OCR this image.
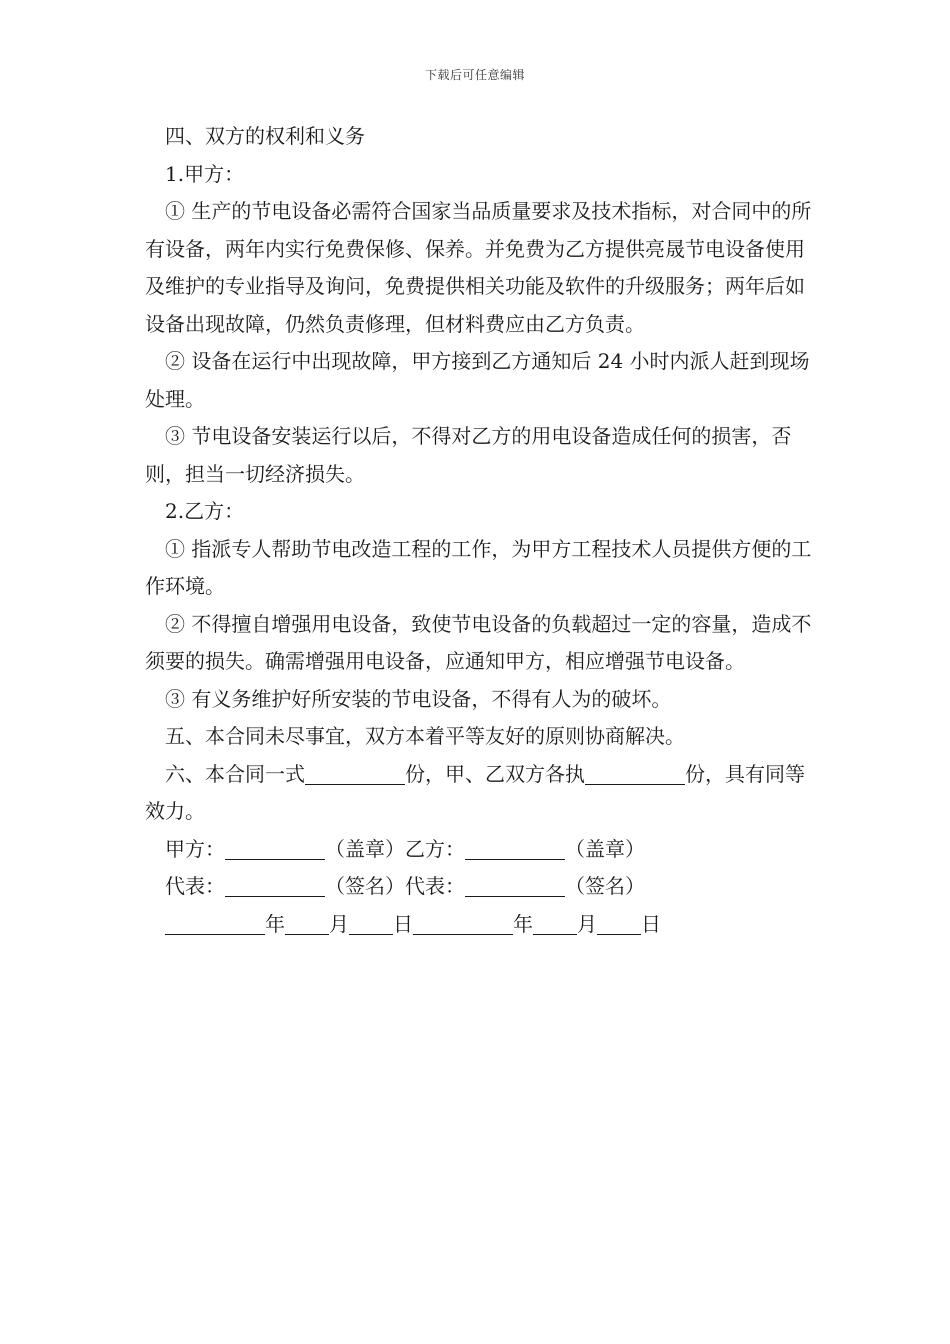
下载后可任意编辑

四、双方的权利和义务

1.甲方：

① 生产的节电设备必需符合国家当品质量要求及技术指标，对合同中的所有设备，两年内实行免费保修、保养。并免费为乙方提供亮晟节电设备使用及维护的专业指导及询问，免费提供相关功能及软件的升级服务；两年后如设备出现故障，仍然负责修理，但材料费应由乙方负责。

② 设备在运行中出现故障，甲方接到乙方通知后 24 小时内派人赶到现场处理。

③ 节电设备安装运行以后，不得对乙方的用电设备造成任何的损害，否则，担当一切经济损失。

2.乙方：

① 指派专人帮助节电改造工程的工作，为甲方工程技术人员提供方便的工作环境。

② 不得擅自增强用电设备，致使节电设备的负载超过一定的容量，造成不须要的损失。确需增强用电设备，应通知甲方，相应增强节电设备。

③ 有义务维护好所安装的节电设备，不得有人为的破坏。

五、本合同未尽事宜，双方本着平等友好的原则协商解决。

六、本合同一式	份，甲、乙双方各执	份，具有同等效力。

甲方：	（盖章）乙方：	（盖章）

代表：	（签名）代表：	（签名）

年 月 日	年 月 日
